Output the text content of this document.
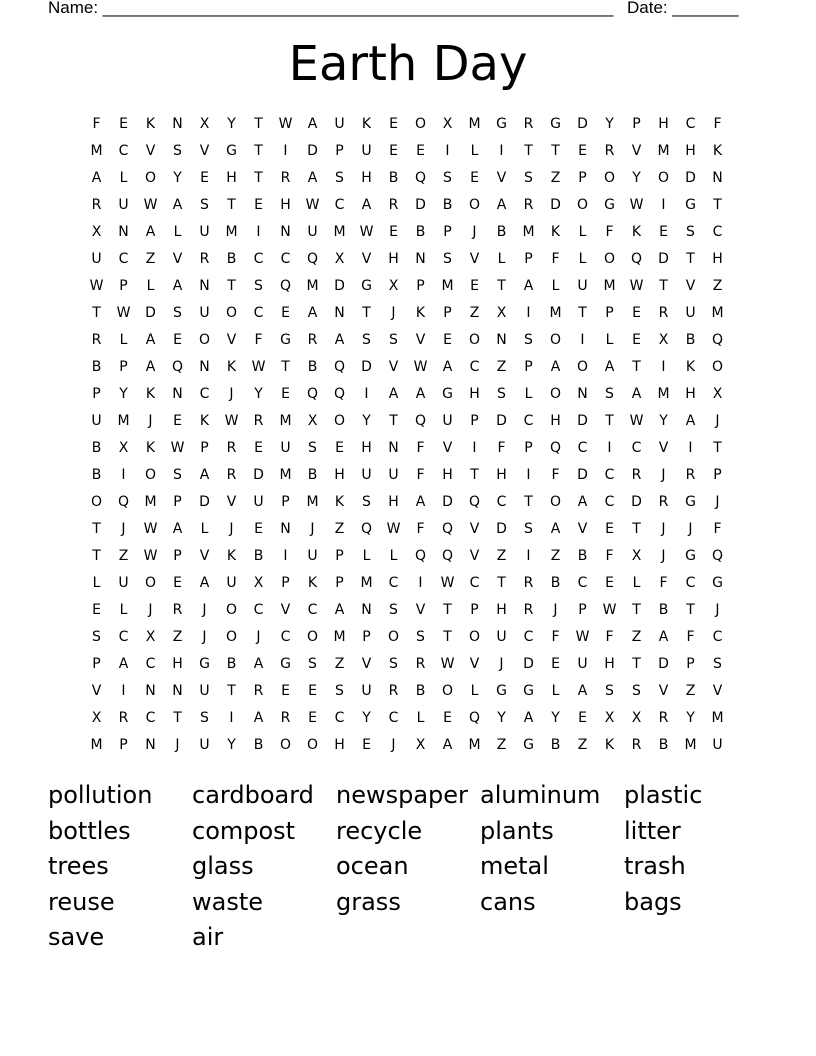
Name: ______________________________________________________ Date: _______
Earth Day
F	E	K	N	X	Y	T	W	A	U	K	E	O	X	M	G	R	G	D	Y	P	H	C	F
M	C	V	S	V	G	T	I	D	P	U	E	E	I	L	I	T	T	E	R	V	M	H	K
A	L	O	Y	E	H	T	R	A	S	H	B	Q	S	E	V	S	Z	P	O	Y	O	D	N
R	U	W	A	S	T	E	H	W	C	A	R	D	B	O	A	R	D	O	G	W	I	G	T
X	N	A	L	U	M	I	N	U	M	W	E	B	P	J	B	M	K	L	F	K	E	S	C
U	C	Z	V	R	B	C	C	Q	X	V	H	N	S	V	L	P	F	L	O	Q	D	T	H
W	P	L	A	N	T	S	Q	M	D	G	X	P	M	E	T	A	L	U	M	W	T	V	Z
T	W	D	S	U	O	C	E	A	N	T	J	K	P	Z	X	I	M	T	P	E	R	U	M
R	L	A	E	O	V	F	G	R	A	S	S	V	E	O	N	S	O	I	L	E	X	B	Q
B	P	A	Q	N	K	W	T	B	Q	D	V	W	A	C	Z	P	A	O	A	T	I	K	O
P	Y	K	N	C	J	Y	E	Q	Q	I	A	A	G	H	S	L	O	N	S	A	M	H	X
U	M	J	E	K	W	R	M	X	O	Y	T	Q	U	P	D	C	H	D	T	W	Y	A	J
B	X	K	W	P	R	E	U	S	E	H	N	F	V	I	F	P	Q	C	I	C	V	I	T
B	I	O	S	A	R	D	M	B	H	U	U	F	H	T	H	I	F	D	C	R	J	R	P
O	Q	M	P	D	V	U	P	M	K	S	H	A	D	Q	C	T	O	A	C	D	R	G	J
T	J	W	A	L	J	E	N	J	Z	Q	W	F	Q	V	D	S	A	V	E	T	J	J	F
T	Z	W	P	V	K	B	I	U	P	L	L	Q	Q	V	Z	I	Z	B	F	X	J	G	Q
L	U	O	E	A	U	X	P	K	P	M	C	I	W	C	T	R	B	C	E	L	F	C	G
E	L	J	R	J	O	C	V	C	A	N	S	V	T	P	H	R	J	P	W	T	B	T	J
S	C	X	Z	J	O	J	C	O	M	P	O	S	T	O	U	C	F	W	F	Z	A	F	C
P	A	C	H	G	B	A	G	S	Z	V	S	R	W	V	J	D	E	U	H	T	D	P	S
V	I	N	N	U	T	R	E	E	S	U	R	B	O	L	G	G	L	A	S	S	V	Z	V
X	R	C	T	S	I	A	R	E	C	Y	C	L	E	Q	Y	A	Y	E	X	X	R	Y	M
M	P	N	J	U	Y	B	O	O	H	E	J	X	A	M	Z	G	B	Z	K	R	B	M	U
pollution	cardboard newspaper aluminum plastic
bottles	compost	recycle	plants	litter
trees	glass	ocean	metal	trash
reuse	waste	grass	cans	bags
save	air
